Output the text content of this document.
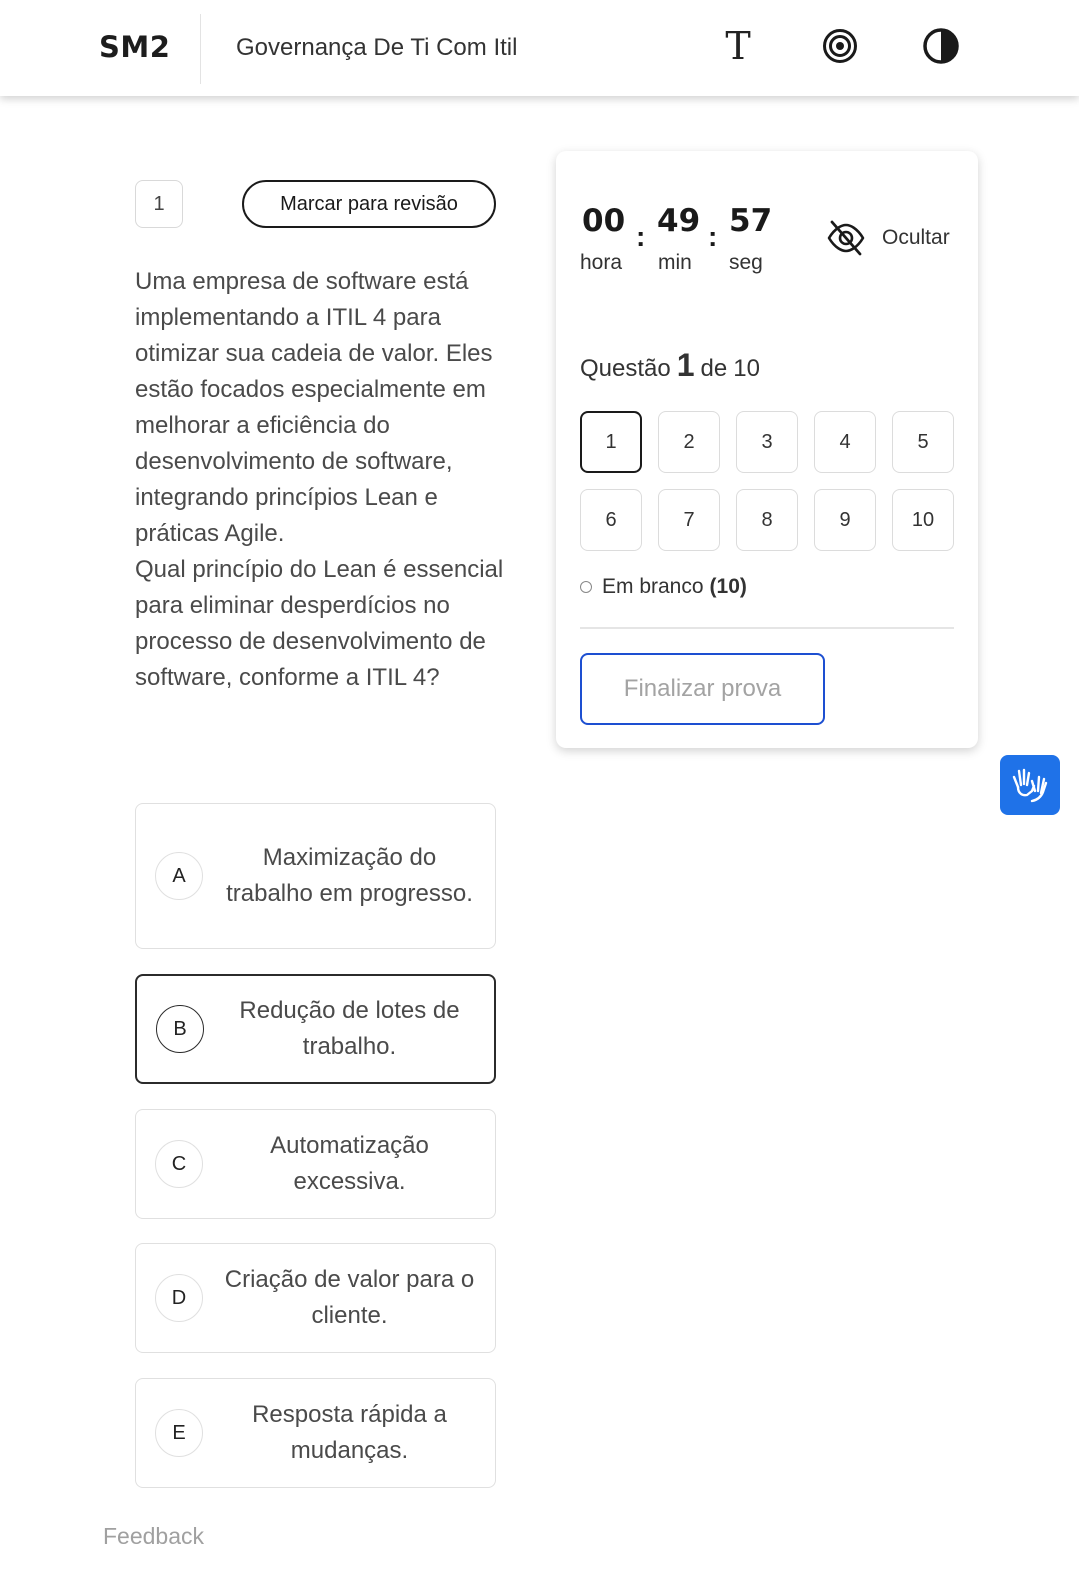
SM2	Governança De Ti Com Itil	T
1	Marcar para revisão

Uma empresa de software está implementando a ITIL 4 para otimizar sua cadeia de valor. Eles estão focados especialmente em melhorar a eficiência do desenvolvimento de software, integrando princípios Lean e práticas Agile.

Qual princípio do Lean é essencial para eliminar desperdícios no processo de desenvolvimento de software, conforme a ITIL 4?

A
Maximização do trabalho em progresso.
B
Redução de lotes de trabalho.
C
Automatização excessiva.
D
Criação de valor para o cliente.
E
Resposta rápida a mudanças.
Feedback
00 : 49 : 57
hora min seg
Ocultar
Questão 1 de 10
1	2	3	4	5
6	7	8	9	10
Em branco (10)
Finalizar prova
